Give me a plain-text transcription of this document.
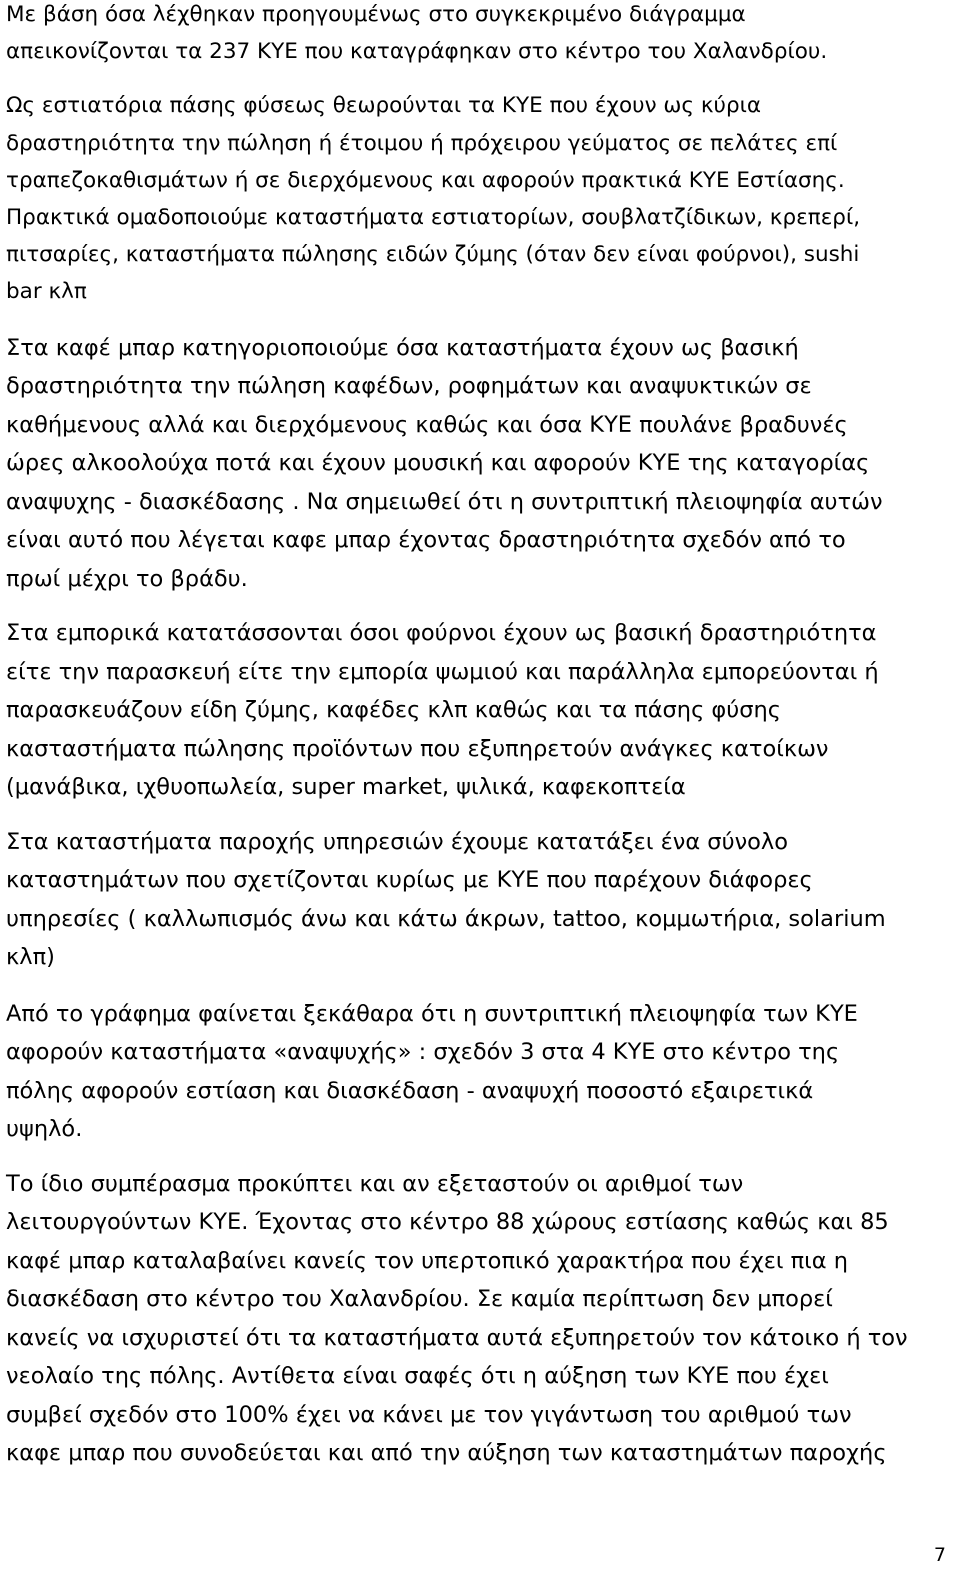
Με βάση όσα λέχθηκαν προηγουμένως στο συγκεκριμένο διάγραμμα
απεικονίζονται τα 237 ΚΥΕ που καταγράφηκαν στο κέντρο του Χαλανδρίου.

Ως εστιατόρια πάσης φύσεως θεωρούνται τα ΚΥΕ που έχουν ως κύρια
δραστηριότητα την πώληση ή έτοιμου ή πρόχειρου γεύματος σε πελάτες επί
τραπεζοκαθισμάτων ή σε διερχόμενους και αφορούν πρακτικά ΚΥΕ Εστίασης.
Πρακτικά ομαδοποιούμε καταστήματα εστιατορίων, σουβλατζίδικων, κρεπερί,
πιτσαρίες, καταστήματα πώλησης ειδών ζύμης (όταν δεν είναι φούρνοι), sushi
bar κλπ

Στα καφέ μπαρ κατηγοριοποιούμε όσα καταστήματα έχουν ως βασική
δραστηριότητα την πώληση καφέδων, ροφημάτων και αναψυκτικών σε
καθήμενους αλλά και διερχόμενους καθώς και όσα ΚΥΕ πουλάνε βραδυνές
ώρες αλκοολούχα ποτά και έχουν μουσική και αφορούν ΚΥΕ της καταγορίας
αναψυχης - διασκέδασης . Να σημειωθεί ότι η συντριπτική πλειοψηφία αυτών
είναι αυτό που λέγεται καφε μπαρ έχοντας δραστηριότητα σχεδόν από το
πρωί μέχρι το βράδυ.

Στα εμπορικά κατατάσσονται όσοι φούρνοι έχουν ως βασική δραστηριότητα
είτε την παρασκευή είτε την εμπορία ψωμιού και παράλληλα εμπορεύονται ή
παρασκευάζουν είδη ζύμης, καφέδες κλπ καθώς και τα πάσης φύσης
κασταστήματα πώλησης προϊόντων που εξυπηρετούν ανάγκες κατοίκων
(μανάβικα, ιχθυοπωλεία, super market, ψιλικά, καφεκοπτεία

Στα καταστήματα παροχής υπηρεσιών έχουμε κατατάξει ένα σύνολο
καταστημάτων που σχετίζονται κυρίως με ΚΥΕ που παρέχουν διάφορες
υπηρεσίες ( καλλωπισμός άνω και κάτω άκρων, tattoo, κομμωτήρια, solarium
κλπ)

Από το γράφημα φαίνεται ξεκάθαρα ότι η συντριπτική πλειοψηφία των ΚΥΕ
αφορούν καταστήματα «αναψυχής» : σχεδόν 3 στα 4 ΚΥΕ στο κέντρο της
πόλης αφορούν εστίαση και διασκέδαση - αναψυχή ποσοστό εξαιρετικά
υψηλό.

Το ίδιο συμπέρασμα προκύπτει και αν εξεταστούν οι αριθμοί των
λειτουργούντων ΚΥΕ. Έχοντας στο κέντρο 88 χώρους εστίασης καθώς και 85
καφέ μπαρ καταλαβαίνει κανείς τον υπερτοπικό χαρακτήρα που έχει πια η
διασκέδαση στο κέντρο του Χαλανδρίου. Σε καμία περίπτωση δεν μπορεί
κανείς να ισχυριστεί ότι τα καταστήματα αυτά εξυπηρετούν τον κάτοικο ή τον
νεολαίο της πόλης. Αντίθετα είναι σαφές ότι η αύξηση των ΚΥΕ που έχει
συμβεί σχεδόν στο 100% έχει να κάνει με τον γιγάντωση του αριθμού των
καφε μπαρ που συνοδεύεται και από την αύξηση των καταστημάτων παροχής

7
